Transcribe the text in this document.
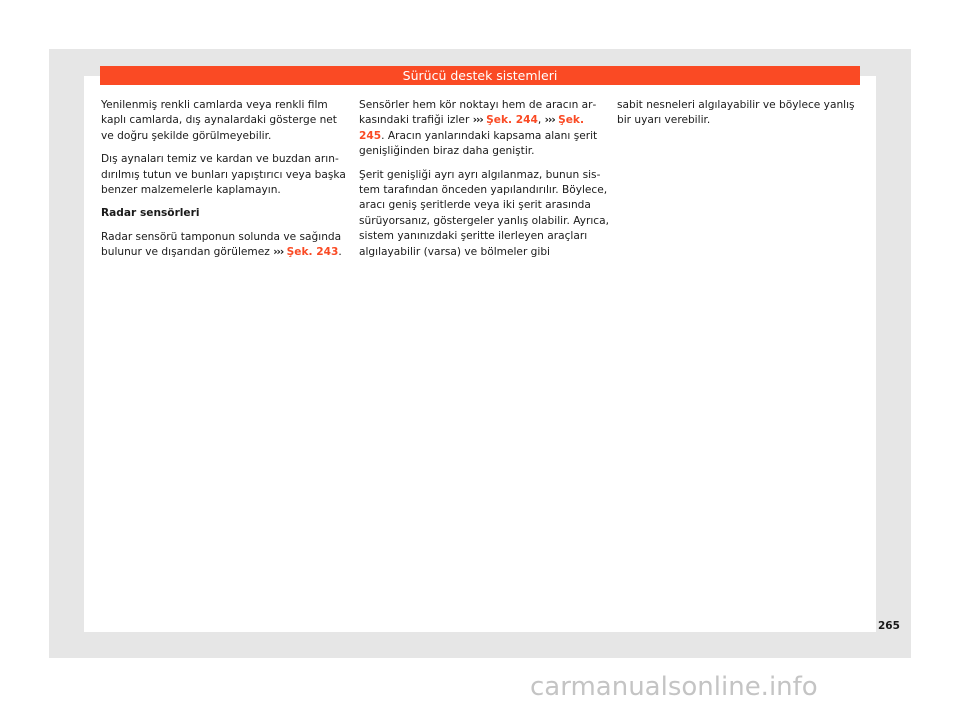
Sürücü destek sistemleri

Yenilenmiş renkli camlarda veya renkli film kaplı camlarda, dış aynalardaki gösterge net ve doğru şekilde görülmeyebilir.

Dış aynaları temiz ve kardan ve buzdan arındırılmış tutun ve bunları yapıştırıcı veya başka benzer malzemelerle kaplamayın.

Radar sensörleri

Radar sensörü tamponun solunda ve sağında bulunur ve dışarıdan görülemez ››› Şek. 243.

Sensörler hem kör noktayı hem de aracın arkasındaki trafiği izler ››› Şek. 244, ››› Şek. 245. Aracın yanlarındaki kapsama alanı şerit genişliğinden biraz daha geniştir.

Şerit genişliği ayrı ayrı algılanmaz, bunun sistem tarafından önceden yapılandırılır. Böylece, aracı geniş şeritlerde veya iki şerit arasında sürüyorsanız, göstergeler yanlış olabilir. Ayrıca, sistem yanınızdaki şeritte ilerleyen araçları algılayabilir (varsa) ve bölmeler gibi

sabit nesneleri algılayabilir ve böylece yanlış bir uyarı verebilir.

265
carmanualsonline.info
